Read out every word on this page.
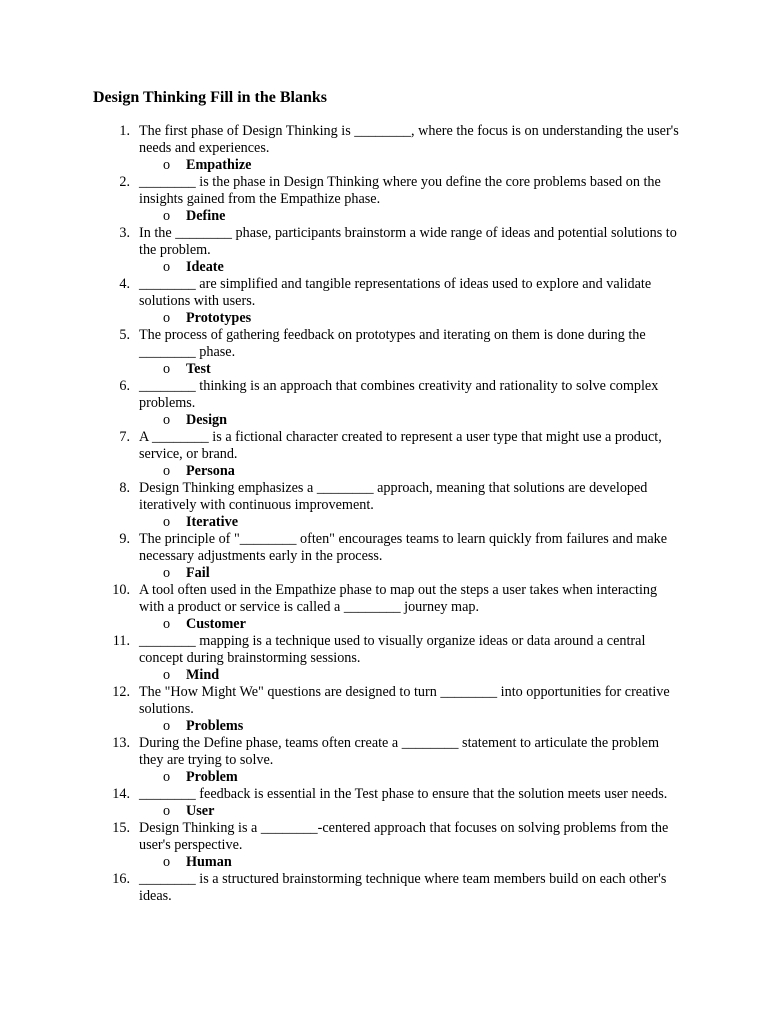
Design Thinking Fill in the Blanks
1. The first phase of Design Thinking is ________, where the focus is on understanding the user's needs and experiences.
o Empathize
2. ________ is the phase in Design Thinking where you define the core problems based on the insights gained from the Empathize phase.
o Define
3. In the ________ phase, participants brainstorm a wide range of ideas and potential solutions to the problem.
o Ideate
4. ________ are simplified and tangible representations of ideas used to explore and validate solutions with users.
o Prototypes
5. The process of gathering feedback on prototypes and iterating on them is done during the ________ phase.
o Test
6. ________ thinking is an approach that combines creativity and rationality to solve complex problems.
o Design
7. A ________ is a fictional character created to represent a user type that might use a product, service, or brand.
o Persona
8. Design Thinking emphasizes a ________ approach, meaning that solutions are developed iteratively with continuous improvement.
o Iterative
9. The principle of "________ often" encourages teams to learn quickly from failures and make necessary adjustments early in the process.
o Fail
10. A tool often used in the Empathize phase to map out the steps a user takes when interacting with a product or service is called a ________ journey map.
o Customer
11. ________ mapping is a technique used to visually organize ideas or data around a central concept during brainstorming sessions.
o Mind
12. The "How Might We" questions are designed to turn ________ into opportunities for creative solutions.
o Problems
13. During the Define phase, teams often create a ________ statement to articulate the problem they are trying to solve.
o Problem
14. ________ feedback is essential in the Test phase to ensure that the solution meets user needs.
o User
15. Design Thinking is a ________-centered approach that focuses on solving problems from the user's perspective.
o Human
16. ________ is a structured brainstorming technique where team members build on each other's ideas.
